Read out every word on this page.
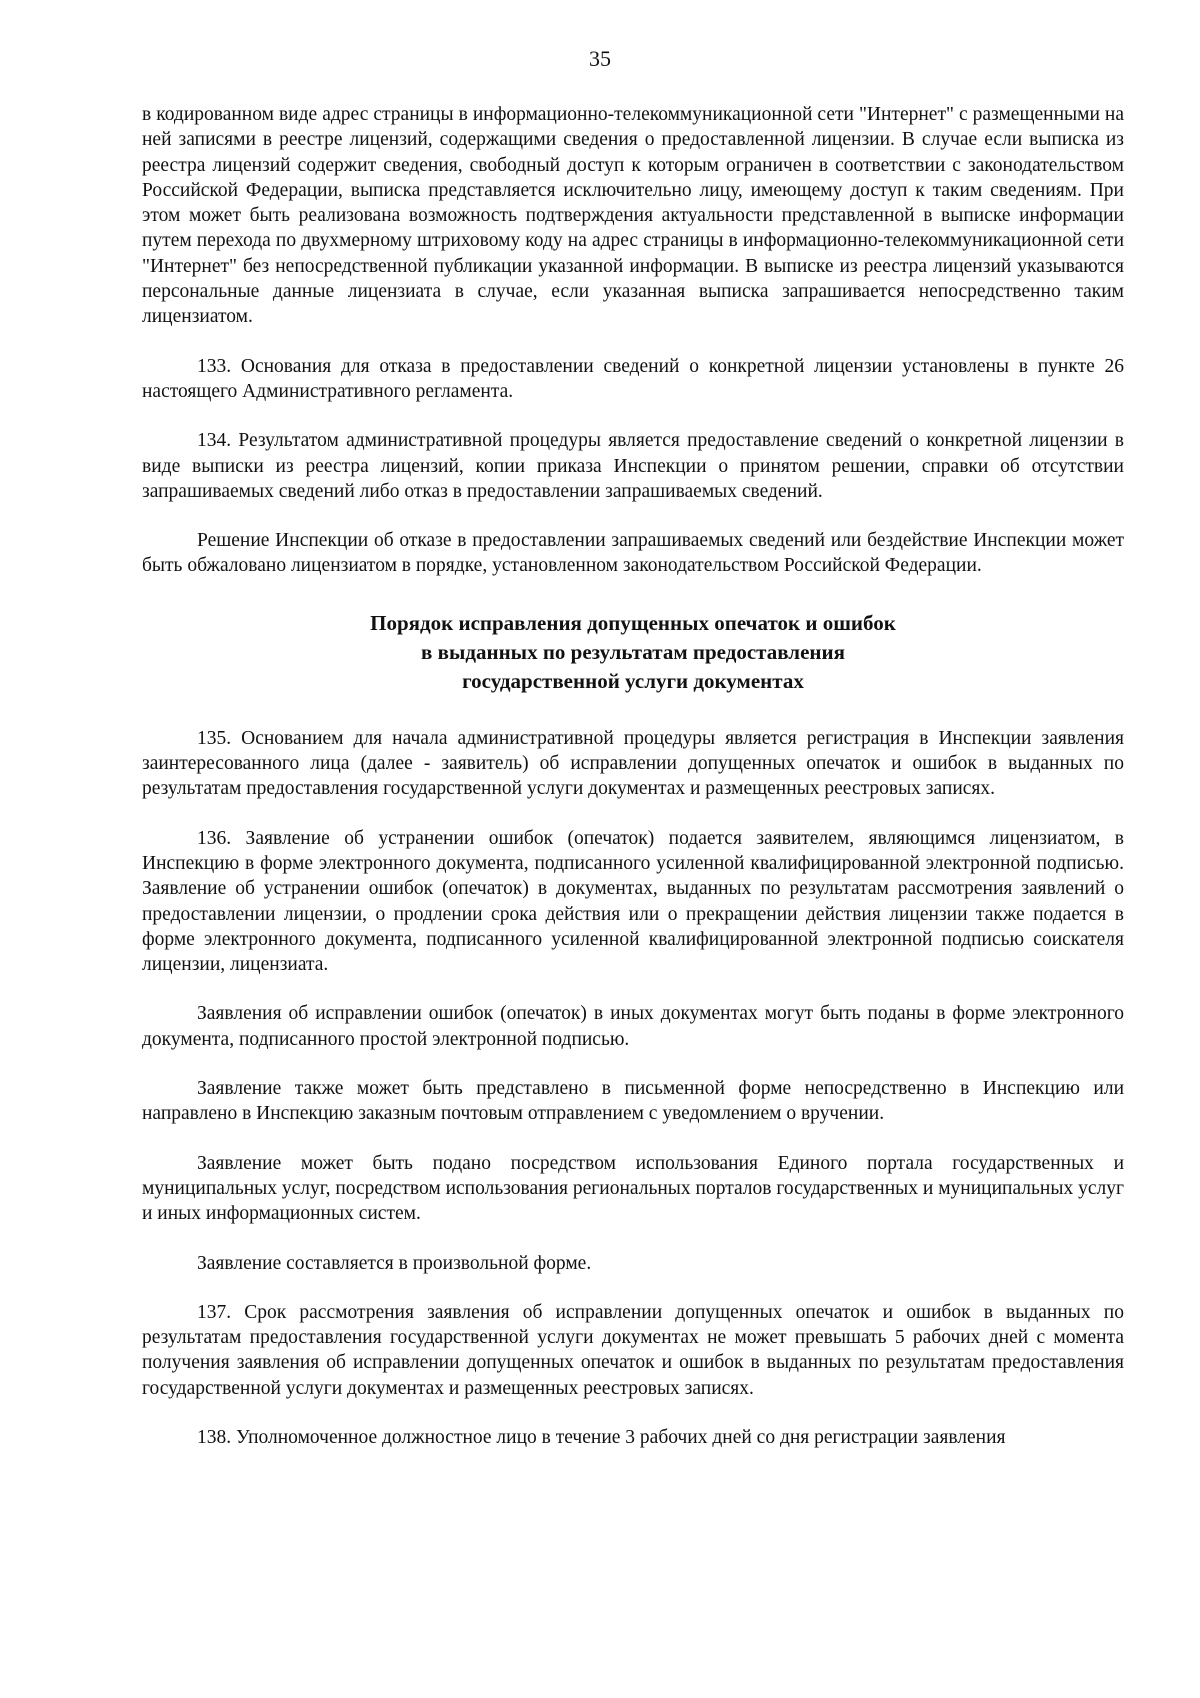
35

в кодированном виде адрес страницы в информационно-телекоммуникационной сети "Интернет" с размещенными на ней записями в реестре лицензий, содержащими сведения о предоставленной лицензии. В случае если выписка из реестра лицензий содержит сведения, свободный доступ к которым ограничен в соответствии с законодательством Российской Федерации, выписка представляется исключительно лицу, имеющему доступ к таким сведениям. При этом может быть реализована возможность подтверждения актуальности представленной в выписке информации путем перехода по двухмерному штриховому коду на адрес страницы в информационно-телекоммуникационной сети "Интернет" без непосредственной публикации указанной информации. В выписке из реестра лицензий указываются персональные данные лицензиата в случае, если указанная выписка запрашивается непосредственно таким лицензиатом.

133. Основания для отказа в предоставлении сведений о конкретной лицензии установлены в пункте 26 настоящего Административного регламента.

134. Результатом административной процедуры является предоставление сведений о конкретной лицензии в виде выписки из реестра лицензий, копии приказа Инспекции о принятом решении, справки об отсутствии запрашиваемых сведений либо отказ в предоставлении запрашиваемых сведений.

Решение Инспекции об отказе в предоставлении запрашиваемых сведений или бездействие Инспекции может быть обжаловано лицензиатом в порядке, установленном законодательством Российской Федерации.

Порядок исправления допущенных опечаток и ошибок
в выданных по результатам предоставления
государственной услуги документах

135. Основанием для начала административной процедуры является регистрация в Инспекции заявления заинтересованного лица (далее - заявитель) об исправлении допущенных опечаток и ошибок в выданных по результатам предоставления государственной услуги документах и размещенных реестровых записях.

136. Заявление об устранении ошибок (опечаток) подается заявителем, являющимся лицензиатом, в Инспекцию в форме электронного документа, подписанного усиленной квалифицированной электронной подписью. Заявление об устранении ошибок (опечаток) в документах, выданных по результатам рассмотрения заявлений о предоставлении лицензии, о продлении срока действия или о прекращении действия лицензии также подается в форме электронного документа, подписанного усиленной квалифицированной электронной подписью соискателя лицензии, лицензиата.

Заявления об исправлении ошибок (опечаток) в иных документах могут быть поданы в форме электронного документа, подписанного простой электронной подписью.

Заявление также может быть представлено в письменной форме непосредственно в Инспекцию или направлено в Инспекцию заказным почтовым отправлением с уведомлением о вручении.

Заявление может быть подано посредством использования Единого портала государственных и муниципальных услуг, посредством использования региональных порталов государственных и муниципальных услуг и иных информационных систем.

Заявление составляется в произвольной форме.

137. Срок рассмотрения заявления об исправлении допущенных опечаток и ошибок в выданных по результатам предоставления государственной услуги документах не может превышать 5 рабочих дней с момента получения заявления об исправлении допущенных опечаток и ошибок в выданных по результатам предоставления государственной услуги документах и размещенных реестровых записях.

138. Уполномоченное должностное лицо в течение 3 рабочих дней со дня регистрации заявления
